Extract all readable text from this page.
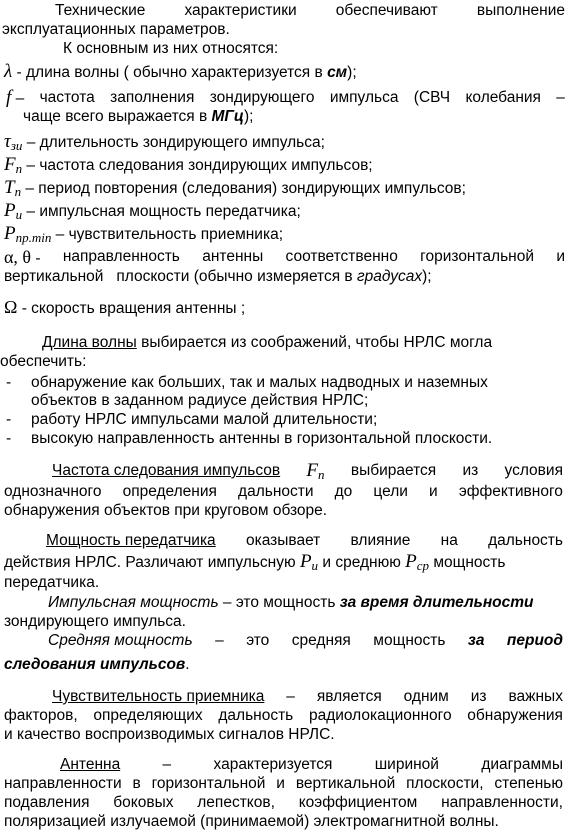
Технические	характеристики	обеспечивают	выполнение
эксплуатационных параметров.
К основным из них относятся:
λ - длина волны ( обычно характеризуется в см);
f – частота заполнения зондирующего импульса (СВЧ колебания –
чаще всего выражается в МГц);
$\tau_{зи}$ – длительность зондирующего импульса;
$F_п$ – частота следования зондирующих импульсов;
$T_п$ – период повторения (следования) зондирующих импульсов;
$P_и$ – импульсная мощность передатчика;
$P_{пр.min}$ – чувствительность приемника;
α, θ - направленность антенны соответственно горизонтальной и
вертикальной   плоскости (обычно измеряется в градусах);
Ω - скорость вращения антенны ;
Длина волны выбирается из соображений, чтобы НРЛС могла
обеспечить:
- обнаружение как больших, так и малых надводных и наземных
объектов в заданном радиусе действия НРЛС;
- работу НРЛС импульсами малой длительности;
- высокую направленность антенны в горизонтальной плоскости.
Частота следования импульсов $F_п$ выбирается из условия
однозначного определения дальности до цели и эффективного
обнаружения объектов при круговом обзоре.
Мощность передатчика оказывает влияние на дальность
действия НРЛС. Различают импульсную $P_и$ и среднюю $P_{ср}$ мощность
передатчика.
Импульсная мощность – это мощность за время длительности
зондирующего импульса.
Средняя мощность – это средняя мощность за период
следования импульсов.
Чувствительность приемника – является одним из важных
факторов, определяющих дальность радиолокационного обнаружения
и качество воспроизводимых сигналов НРЛС.
Антенна	–	характеризуется	шириной	диаграммы
направленности в горизонтальной и вертикальной плоскости, степенью
подавления боковых лепестков, коэффициентом направленности,
поляризацией излучаемой (принимаемой) электромагнитной волны.
